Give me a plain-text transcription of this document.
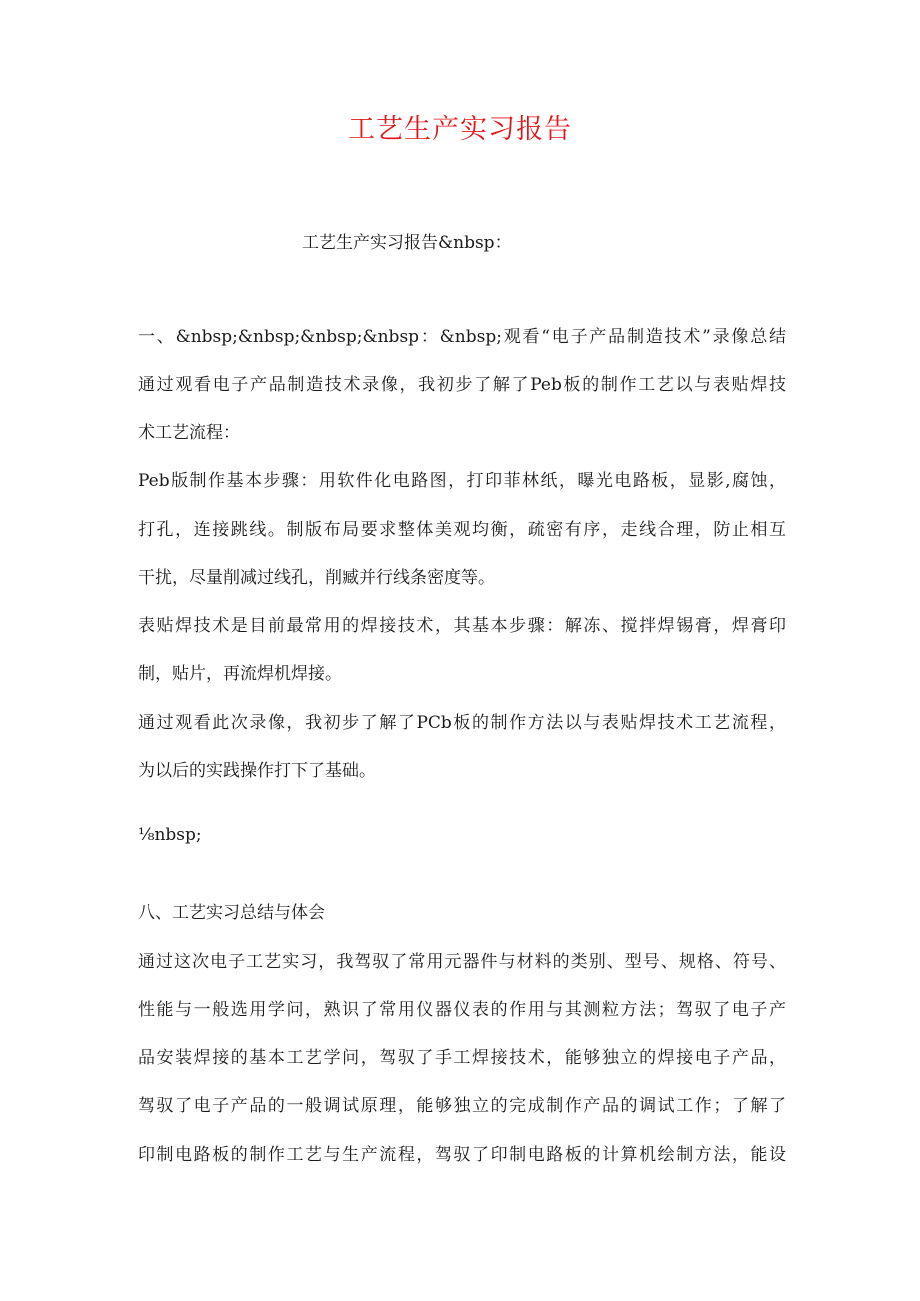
工艺生产实习报告
工艺生产实习报告&nbsp：
一、&nbsp;&nbsp;&nbsp;&nbsp：&nbsp;观看“电子产品制造技术”录像总结
通过观看电子产品制造技术录像，我初步了解了Peb板的制作工艺以与表贴焊技
术工艺流程：
Peb版制作基本步骤：用软件化电路图，打印菲林纸，曝光电路板，显影,腐蚀，
打孔，连接跳线。制版布局要求整体美观均衡，疏密有序，走线合理，防止相互
干扰，尽量削减过线孔，削臧并行线条密度等。
表贴焊技术是目前最常用的焊接技术，其基本步骤：解冻、搅拌焊锡膏，焊膏印
制，贴片，再流焊机焊接。
通过观看此次录像，我初步了解了PCb板的制作方法以与表贴焊技术工艺流程，
为以后的实践操作打下了基础。
⅛nbsp;
八、工艺实习总结与体会
通过这次电子工艺实习，我驾驭了常用元器件与材料的类别、型号、规格、符号、
性能与一般选用学问，熟识了常用仪器仪表的作用与其测粒方法；驾驭了电子产
品安装焊接的基本工艺学问，驾驭了手工焊接技术，能够独立的焊接电子产品，
驾驭了电子产品的一般调试原理，能够独立的完成制作产品的调试工作；了解了
印制电路板的制作工艺与生产流程，驾驭了印制电路板的计算机绘制方法，能设
